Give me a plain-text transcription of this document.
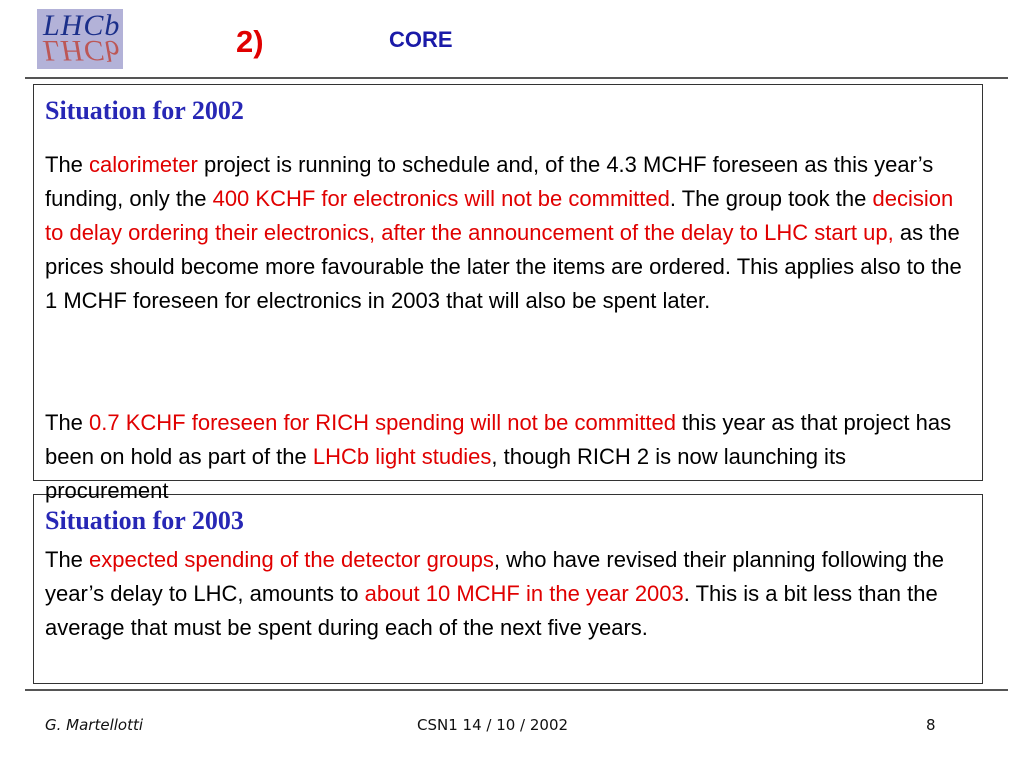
LHCb
LHCb	2)	CORE
Situation for 2002

The calorimeter project is running to schedule and, of the 4.3 MCHF foreseen as this year’s funding, only the 400 KCHF for electronics will not be committed. The group took the decision to delay ordering their electronics, after the announcement of the delay to LHC start up, as the prices should become more favourable the later the items are ordered. This applies also to the 1 MCHF foreseen for electronics in 2003 that will also be spent later.

The 0.7 KCHF foreseen for RICH spending will not be committed this year as that project has been on hold as part of the LHCb light studies, though RICH 2 is now launching its procurement

Situation for 2003

The expected spending of the detector groups, who have revised their planning following the year’s delay to LHC, amounts to about 10 MCHF in the year 2003. This is a bit less than the average that must be spent during each of the next five years.

G. Martellotti	CSN1 14 / 10 / 2002	8
